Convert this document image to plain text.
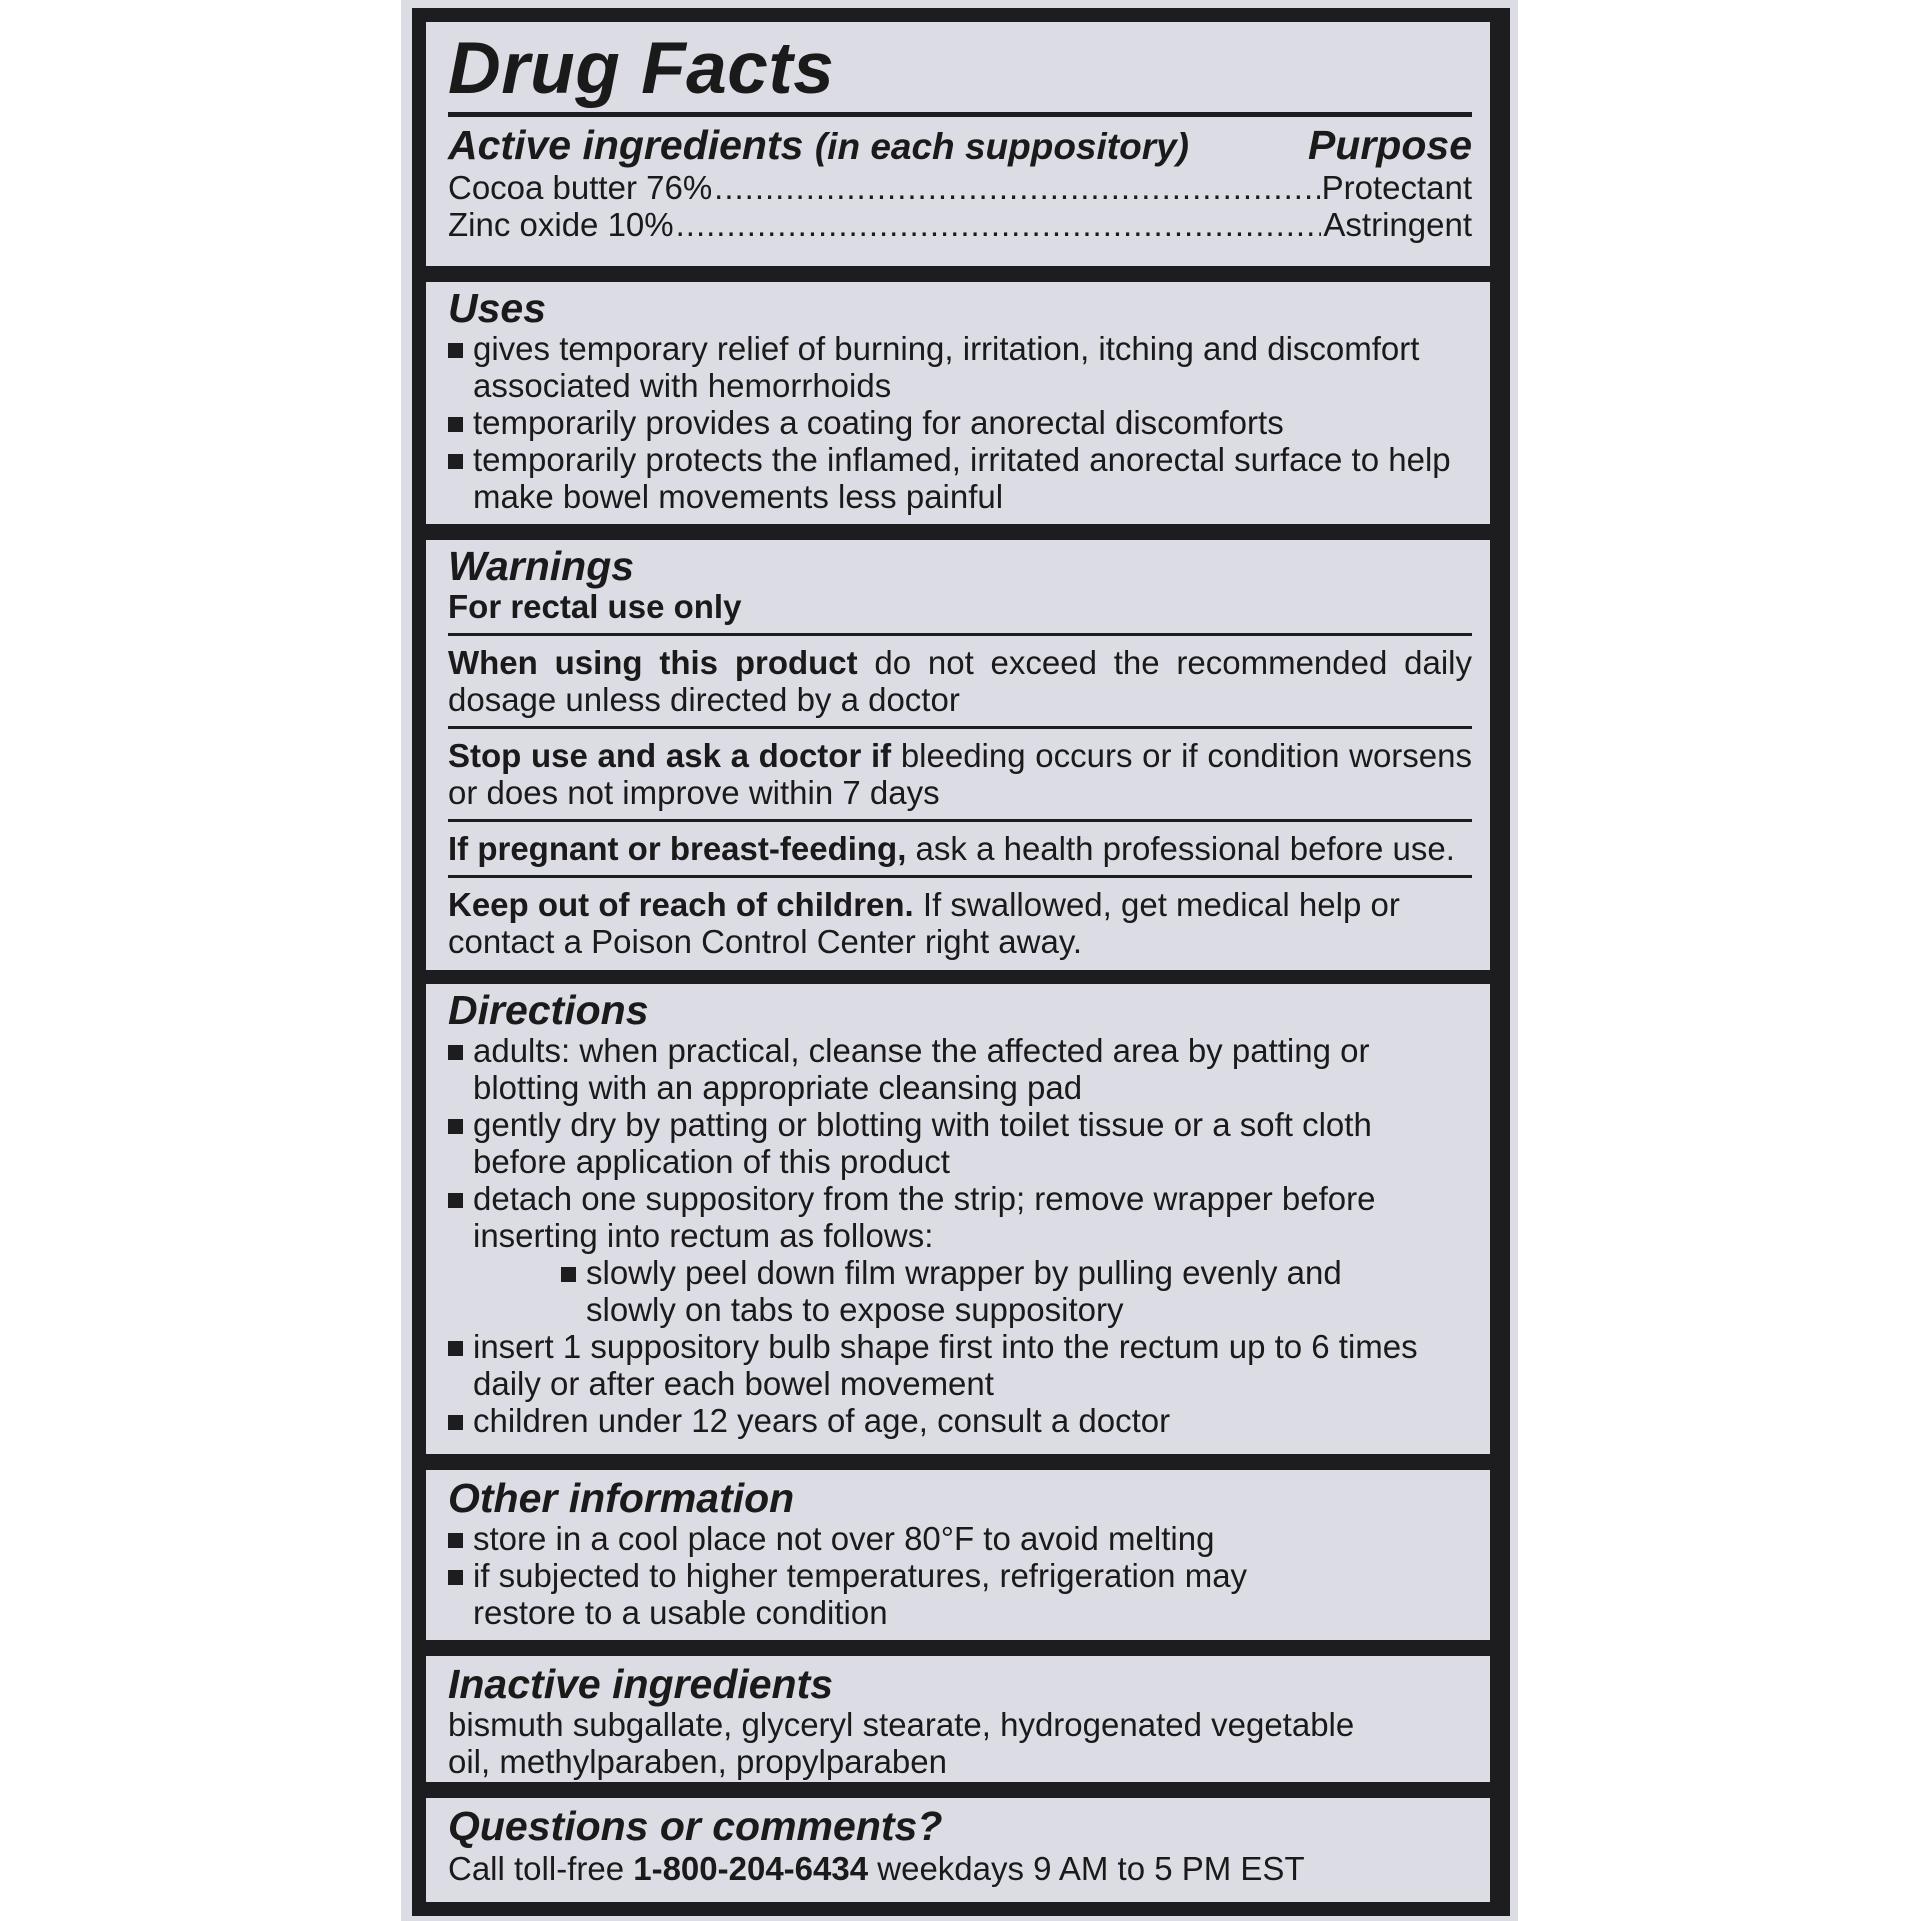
Drug Facts

Active ingredients (in each suppository)	Purpose

Cocoa butter 76% .....	Protectant
Zinc oxide 10% .....	Astringent

Uses

gives temporary relief of burning, irritation, itching and discomfort associated with hemorrhoids
temporarily provides a coating for anorectal discomforts
temporarily protects the inflamed, irritated anorectal surface to help make bowel movements less painful

Warnings

For rectal use only

When using this product do not exceed the recommended daily dosage unless directed by a doctor

Stop use and ask a doctor if bleeding occurs or if condition worsens or does not improve within 7 days

If pregnant or breast-feeding, ask a health professional before use.

Keep out of reach of children. If swallowed, get medical help or contact a Poison Control Center right away.

Directions

adults: when practical, cleanse the affected area by patting or blotting with an appropriate cleansing pad
gently dry by patting or blotting with toilet tissue or a soft cloth before application of this product
detach one suppository from the strip; remove wrapper before inserting into rectum as follows:
slowly peel down film wrapper by pulling evenly and slowly on tabs to expose suppository
insert 1 suppository bulb shape first into the rectum up to 6 times daily or after each bowel movement
children under 12 years of age, consult a doctor

Other information

store in a cool place not over 80°F to avoid melting
if subjected to higher temperatures, refrigeration may restore to a usable condition

Inactive ingredients

bismuth subgallate, glyceryl stearate, hydrogenated vegetable oil, methylparaben, propylparaben

Questions or comments?

Call toll-free 1-800-204-6434 weekdays 9 AM to 5 PM EST
